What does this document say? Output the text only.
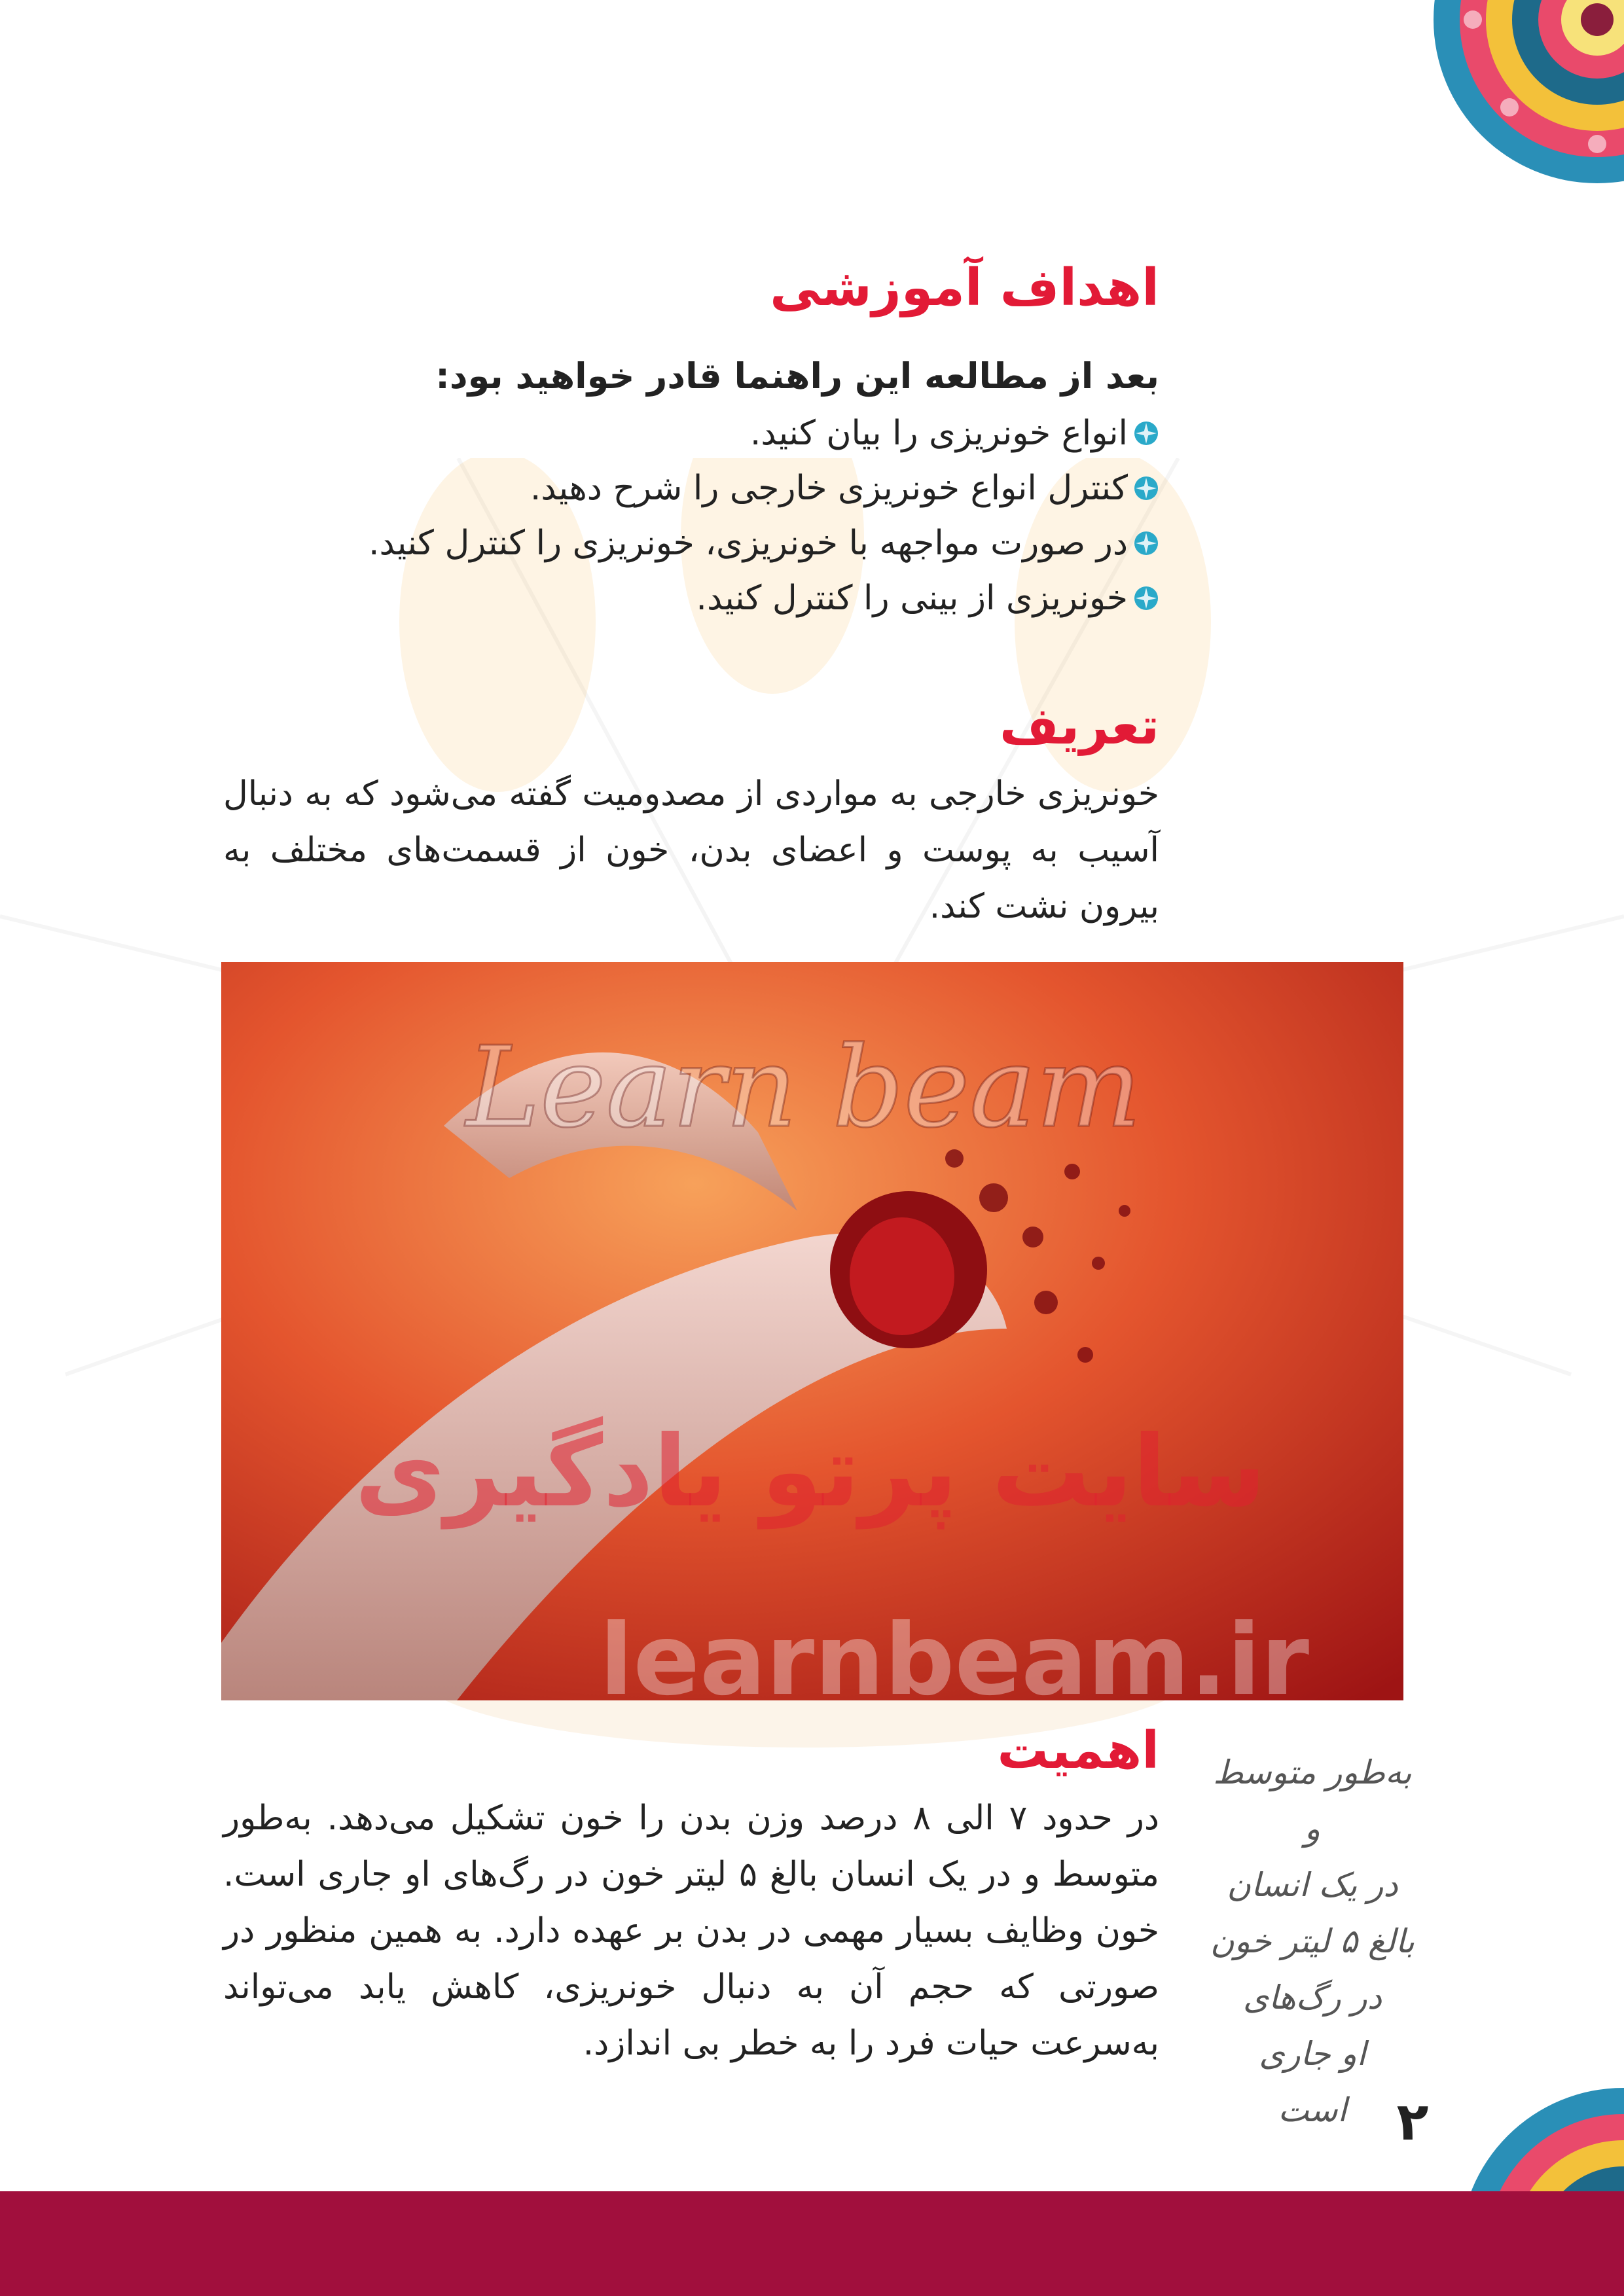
اهداف آموزشی

بعد از مطالعه این راهنما قادر خواهید بود:

انواع خونریزی را بیان کنید.
کنترل انواع خونریزی خارجی را شرح دهید.
در صورت مواجهه با خونریزی، خونریزی را کنترل کنید.
خونریزی از بینی را کنترل کنید.
تعریف

خونریزی خارجی به مواردی از مصدومیت گفته می‌شود که به دنبال آسیب به پوست و اعضای بدن، خون از قسمت‌های مختلف به بیرون نشت کند.

Learn beam
سایت پرتو یادگیری
learnbeam.ir
اهمیت

در حدود ۷ الی ۸ درصد وزن بدن را خون تشکیل می‌دهد. به‌طور متوسط و در یک انسان بالغ ۵ لیتر خون در رگ‌های او جاری است. خون وظایف بسیار مهمی در بدن بر عهده دارد. به همین منظور در صورتی که حجم آن به دنبال خونریزی، کاهش یابد می‌تواند به‌سرعت حیات فرد را به خطر بی اندازد.

به‌طور متوسط و
در یک انسان
بالغ ۵ لیتر خون
در رگ‌های
او جاری
است ۲
